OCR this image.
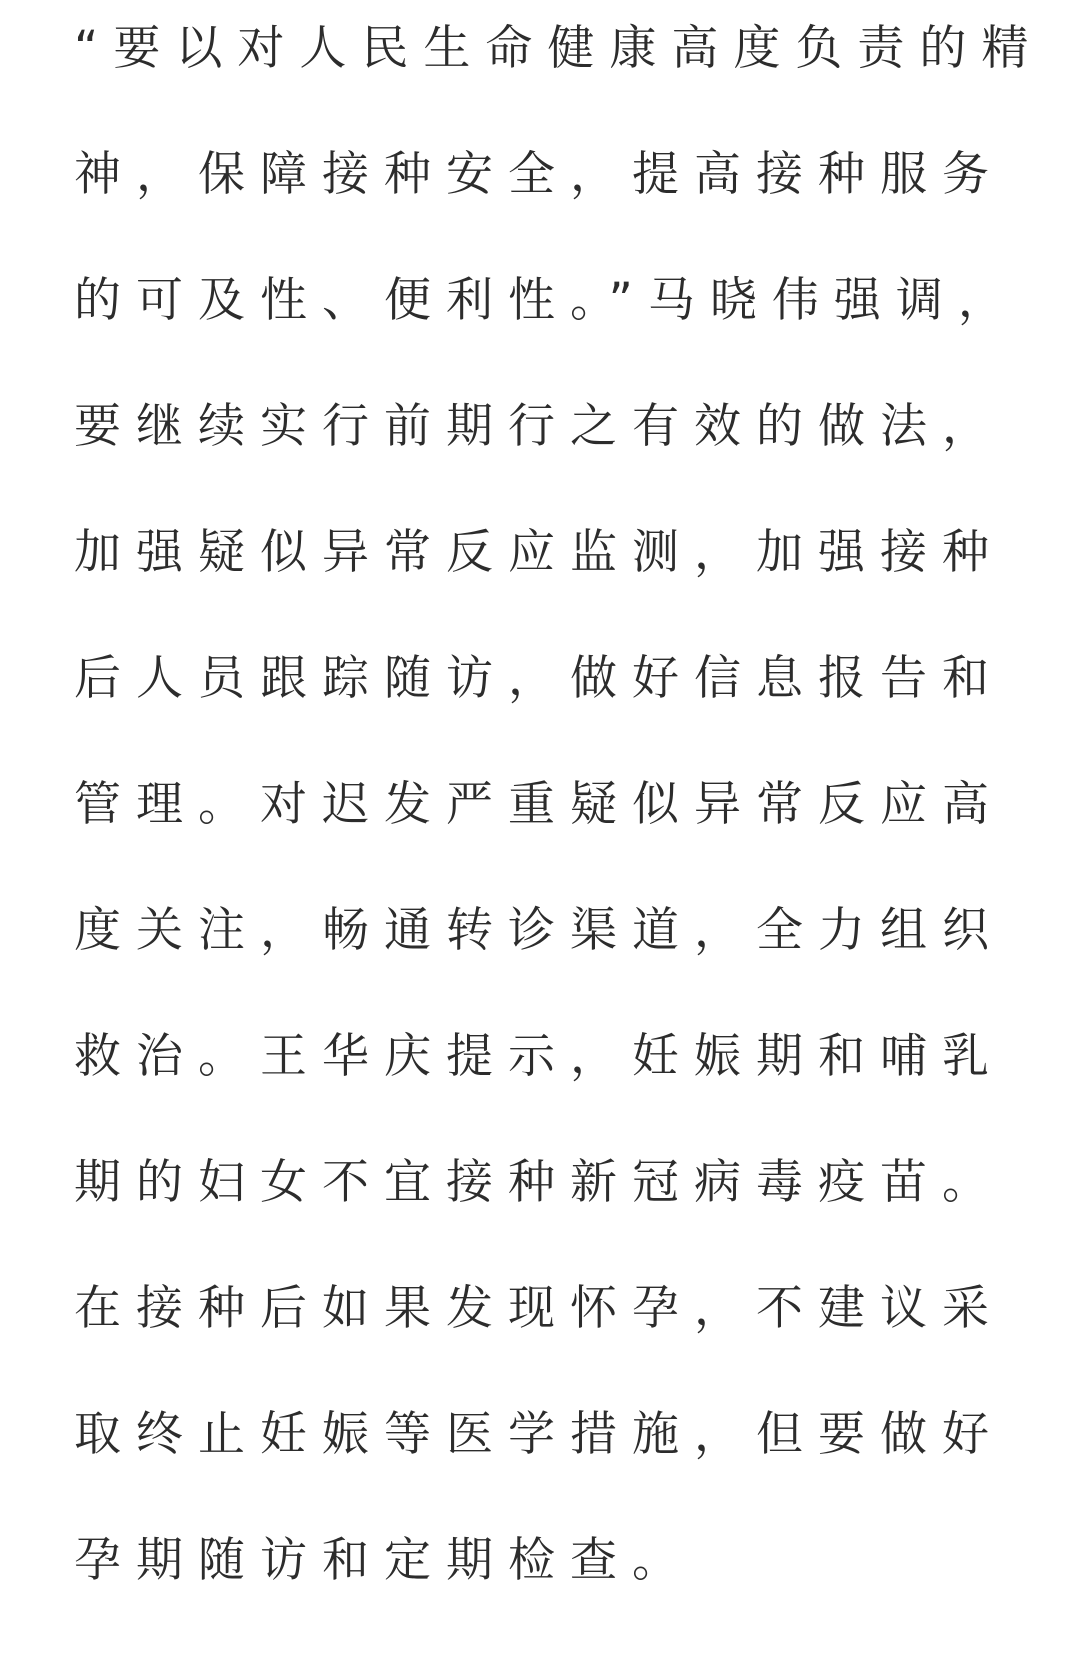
“要以对人民生命健康高度负责的精
神，保障接种安全，提高接种服务
的可及性、便利性。”马晓伟强调，
要继续实行前期行之有效的做法，
加强疑似异常反应监测，加强接种
后人员跟踪随访，做好信息报告和
管理。对迟发严重疑似异常反应高
度关注，畅通转诊渠道，全力组织
救治。王华庆提示，妊娠期和哺乳
期的妇女不宜接种新冠病毒疫苗。
在接种后如果发现怀孕，不建议采
取终止妊娠等医学措施，但要做好
孕期随访和定期检查。
